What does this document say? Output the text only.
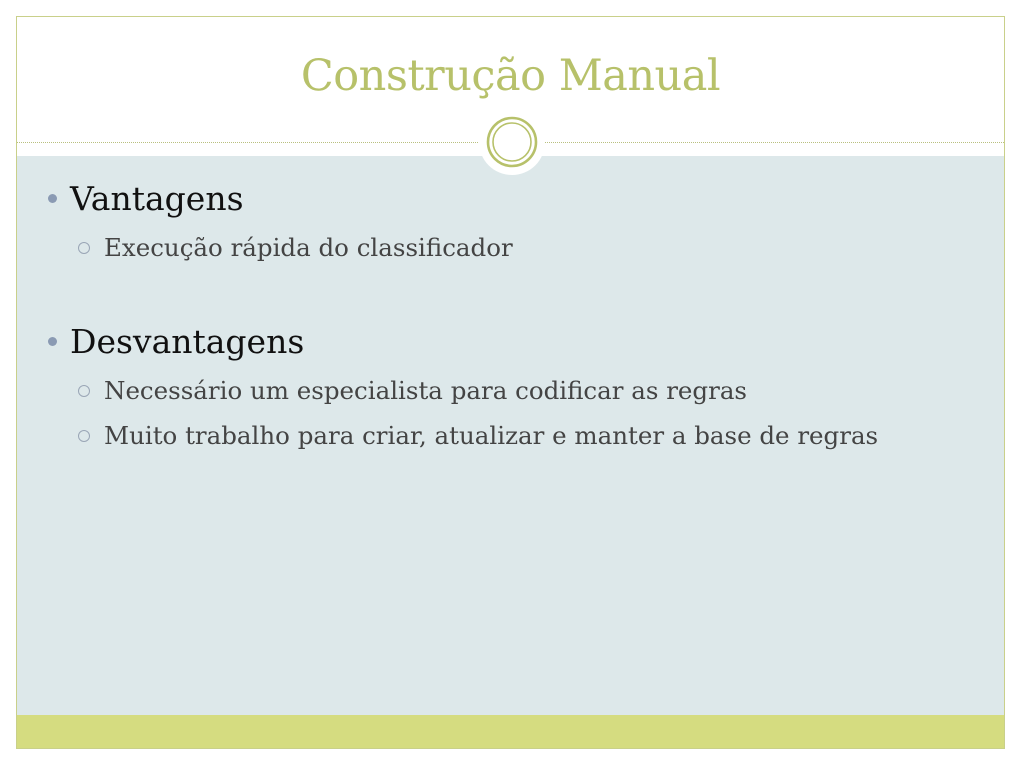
Construção Manual
Vantagens
Execução rápida do classificador
Desvantagens
Necessário um especialista para codificar as regras
Muito trabalho para criar, atualizar e manter a base de regras
